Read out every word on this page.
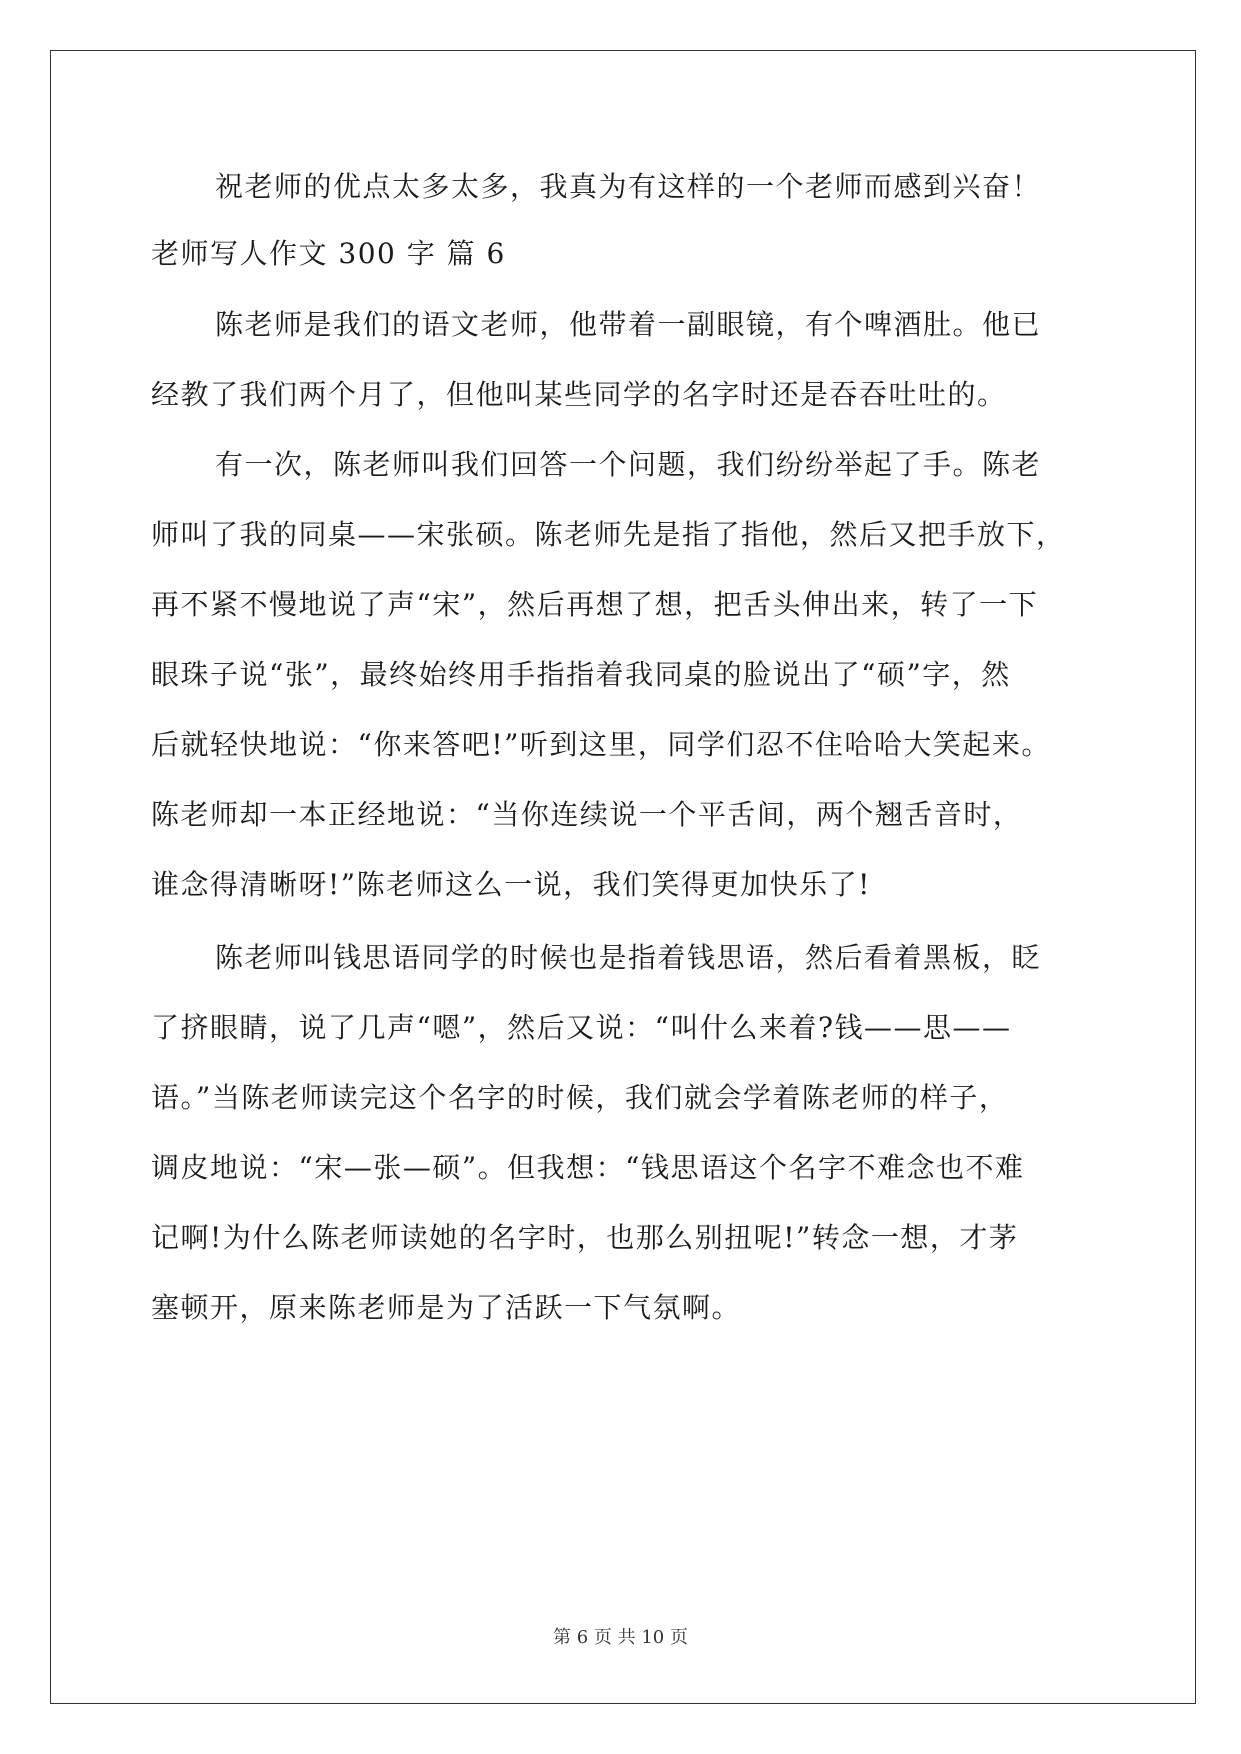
祝老师的优点太多太多，我真为有这样的一个老师而感到兴奋！
老师写人作文 300 字 篇 6
陈老师是我们的语文老师，他带着一副眼镜，有个啤酒肚。他已
经教了我们两个月了，但他叫某些同学的名字时还是吞吞吐吐的。
有一次，陈老师叫我们回答一个问题，我们纷纷举起了手。陈老
师叫了我的同桌——宋张硕。陈老师先是指了指他，然后又把手放下，
再不紧不慢地说了声“宋”，然后再想了想，把舌头伸出来，转了一下
眼珠子说“张”，最终始终用手指指着我同桌的脸说出了“硕”字，然
后就轻快地说：“你来答吧!”听到这里，同学们忍不住哈哈大笑起来。
陈老师却一本正经地说：“当你连续说一个平舌间，两个翘舌音时，
谁念得清晰呀!”陈老师这么一说，我们笑得更加快乐了!
陈老师叫钱思语同学的时候也是指着钱思语，然后看着黑板，眨
了挤眼睛，说了几声“嗯”，然后又说：“叫什么来着?钱——思——
语。”当陈老师读完这个名字的时候，我们就会学着陈老师的样子，
调皮地说：“宋—张—硕”。但我想：“钱思语这个名字不难念也不难
记啊!为什么陈老师读她的名字时，也那么别扭呢!”转念一想，才茅
塞顿开，原来陈老师是为了活跃一下气氛啊。
第 6 页 共 10 页
